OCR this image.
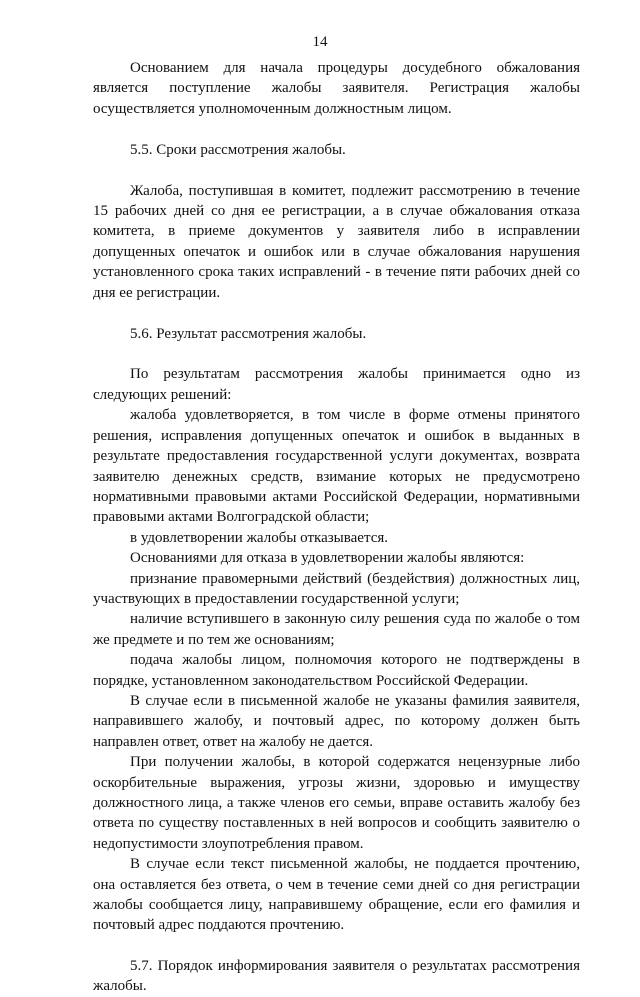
14

Основанием для начала процедуры досудебного обжалования является поступление жалобы заявителя. Регистрация жалобы осуществляется уполномоченным должностным лицом.

5.5. Сроки рассмотрения жалобы.

Жалоба, поступившая в комитет, подлежит рассмотрению в течение 15 рабочих дней со дня ее регистрации, а в случае обжалования отказа комитета, в приеме документов у заявителя либо в исправлении допущенных опечаток и ошибок или в случае обжалования нарушения установленного срока таких исправлений - в течение пяти рабочих дней со дня ее регистрации.

5.6. Результат рассмотрения жалобы.

По результатам рассмотрения жалобы принимается одно из следующих решений:

жалоба удовлетворяется, в том числе в форме отмены принятого решения, исправления допущенных опечаток и ошибок в выданных в результате предоставления государственной услуги документах, возврата заявителю денежных средств, взимание которых не предусмотрено нормативными правовыми актами Российской Федерации, нормативными правовыми актами Волгоградской области;

в удовлетворении жалобы отказывается.

Основаниями для отказа в удовлетворении жалобы являются:

признание правомерными действий (бездействия) должностных лиц, участвующих в предоставлении государственной услуги;

наличие вступившего в законную силу решения суда по жалобе о том же предмете и по тем же основаниям;

подача жалобы лицом, полномочия которого не подтверждены в порядке, установленном законодательством Российской Федерации.

В случае если в письменной жалобе не указаны фамилия заявителя, направившего жалобу, и почтовый адрес, по которому должен быть направлен ответ, ответ на жалобу не дается.

При получении жалобы, в которой содержатся нецензурные либо оскорбительные выражения, угрозы жизни, здоровью и имуществу должностного лица, а также членов его семьи, вправе оставить жалобу без ответа по существу поставленных в ней вопросов и сообщить заявителю о недопустимости злоупотребления правом.

В случае если текст письменной жалобы, не поддается прочтению, она оставляется без ответа, о чем в течение семи дней со дня регистрации жалобы сообщается лицу, направившему обращение, если его фамилия и почтовый адрес поддаются прочтению.

5.7. Порядок информирования заявителя о результатах рассмотрения жалобы.
